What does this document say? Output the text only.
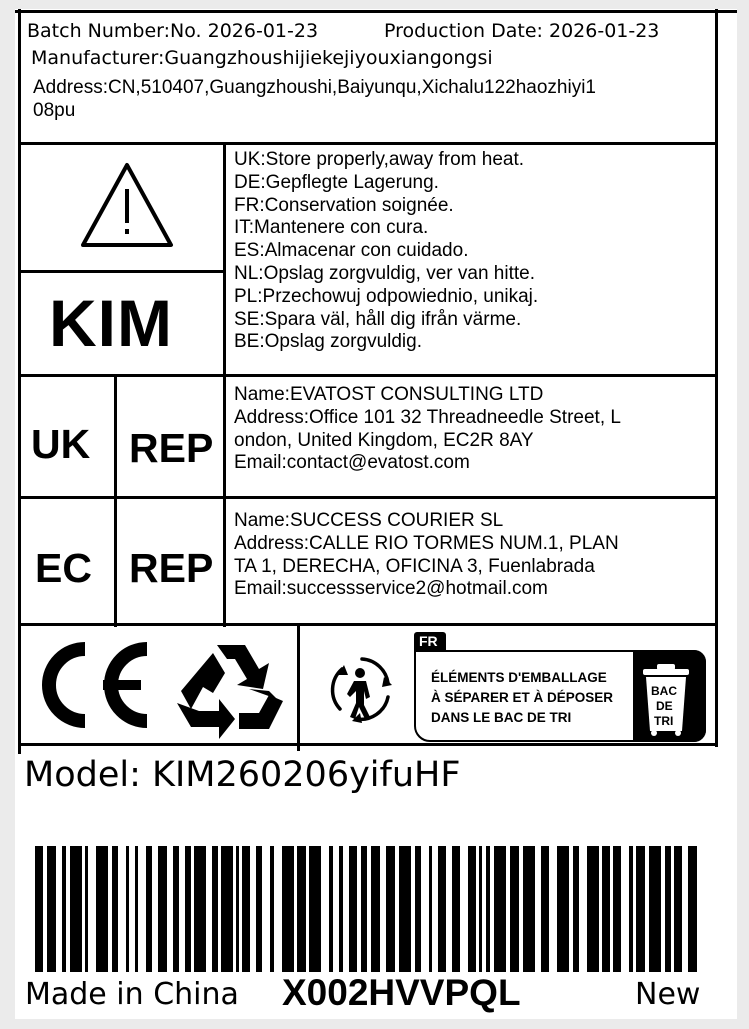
Batch Number:No. 2026-01-23	Production Date: 2026-01-23
Manufacturer:Guangzhoushijiekejiyouxiangongsi
Address:CN,510407,Guangzhoushi,Baiyunqu,Xichalu122haozhiyi1
08pu
KIM
UK:Store properly,away from heat.
DE:Gepflegte Lagerung.
FR:Conservation soignée.
IT:Mantenere con cura.
ES:Almacenar con cuidado.
NL:Opslag zorgvuldig, ver van hitte.
PL:Przechowuj odpowiednio, unikaj.
SE:Spara väl, håll dig ifrån värme.
BE:Opslag zorgvuldig.
UK REP
Name:EVATOST CONSULTING LTD
Address:Office 101 32 Threadneedle Street, L
ondon, United Kingdom, EC2R 8AY
Email:contact@evatost.com
EC REP
Name:SUCCESS COURIER SL
Address:CALLE RIO TORMES NUM.1, PLAN
TA 1, DERECHA, OFICINA 3, Fuenlabrada
Email:successservice2@hotmail.com
FR
ÉLÉMENTS D'EMBALLAGE
À SÉPARER ET À DÉPOSER
DANS LE BAC DE TRI
BAC
DE
TRI
Model: KIM260206yifuHF
Made in China X002HVVPQL	New
